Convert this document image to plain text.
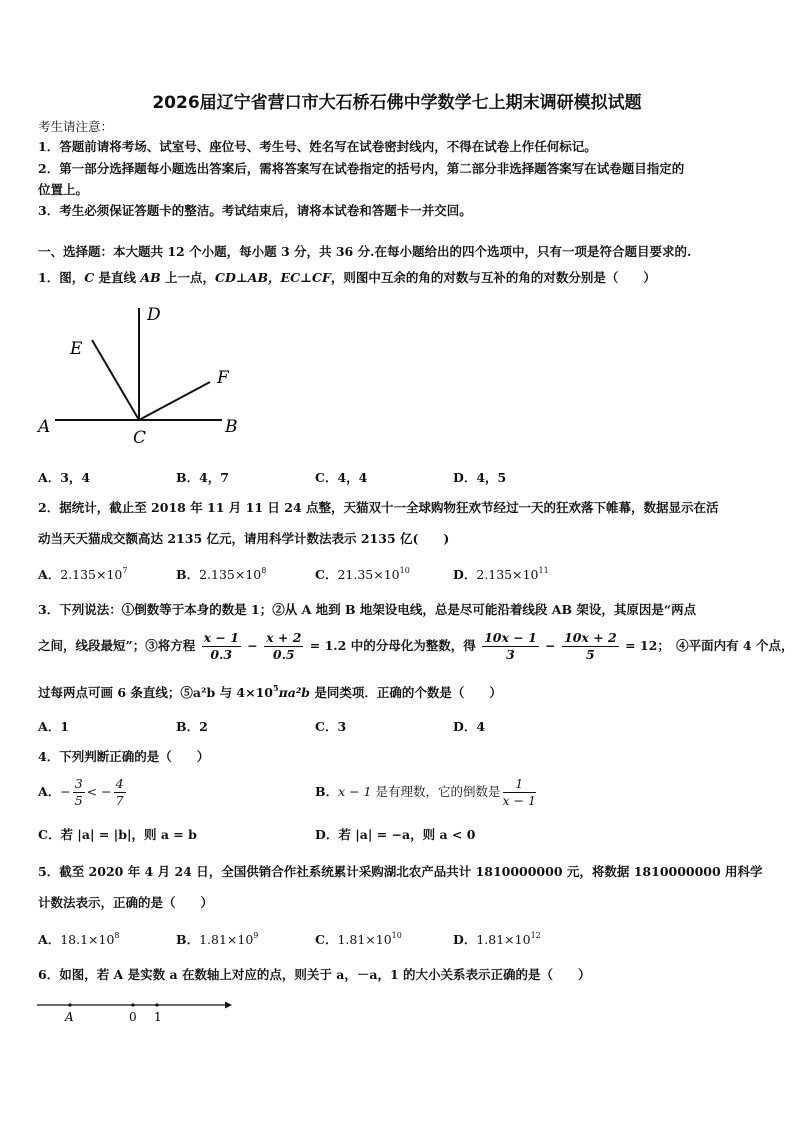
2026届辽宁省营口市大石桥石佛中学数学七上期末调研模拟试题
考生请注意：
1．答题前请将考场、试室号、座位号、考生号、姓名写在试卷密封线内，不得在试卷上作任何标记。
2．第一部分选择题每小题选出答案后，需将答案写在试卷指定的括号内，第二部分非选择题答案写在试卷题目指定的
位置上。
3．考生必须保证答题卡的整洁。考试结束后，请将本试卷和答题卡一并交回。
一、选择题：本大题共 12 个小题，每小题 3 分，共 36 分.在每小题给出的四个选项中，只有一项是符合题目要求的.
1．图，C 是直线 AB 上一点，CD⊥AB，EC⊥CF，则图中互余的角的对数与互补的角的对数分别是（　　）
D
E
F
A
C
B
A．3，4	B．4，7	C．4，4	D．4，5
2．据统计，截止至 2018 年 11 月 11 日 24 点整，天猫双十一全球购物狂欢节经过一天的狂欢落下帷幕，数据显示在活
动当天天猫成交额高达 2135 亿元，请用科学计数法表示 2135 亿(　　)
A．$2.135\times 10^7$	B．$2.135\times 10^8$	C．$21.35\times 10^{10}$	D．$2.135\times 10^{11}$
3．下列说法：①倒数等于本身的数是 1；②从 A 地到 B 地架设电线，总是尽可能沿着线段 AB 架设，其原因是“两点
之间，线段最短”；③将方程 $\frac{x - 1}{0.3} - \frac{x + 2}{0.5} = 1.2$ 中的分母化为整数，得 $\frac{10x - 1}{3} - \frac{10x + 2}{5} = 12$；　④平面内有 4 个点，
过每两点可画 6 条直线；⑤a²b 与 $4\times 10^5\pi a^2b$ 是同类项．正确的个数是（　　）
A．1	B．2	C．3	D．4
4．下列判断正确的是（　　）
A．− $\frac{3}{5}$ < − $\frac{4}{7}$	B．x − 1 是有理数，它的倒数是 $\frac{1}{x - 1}$
C．若 |a| = |b|，则 a = b	D．若 |a| = −a，则 a < 0
5．截至 2020 年 4 月 24 日，全国供销合作社系统累计采购湖北农产品共计 1810000000 元，将数据 1810000000 用科学
计数法表示，正确的是（　　）
A．$18.1\times 10^8$	B．$1.81\times 10^9$	C．$1.81\times 10^{10}$	D．$1.81\times 10^{12}$
6．如图，若 A 是实数 a 在数轴上对应的点，则关于 a，－a，1 的大小关系表示正确的是（　　）
A	0 1
